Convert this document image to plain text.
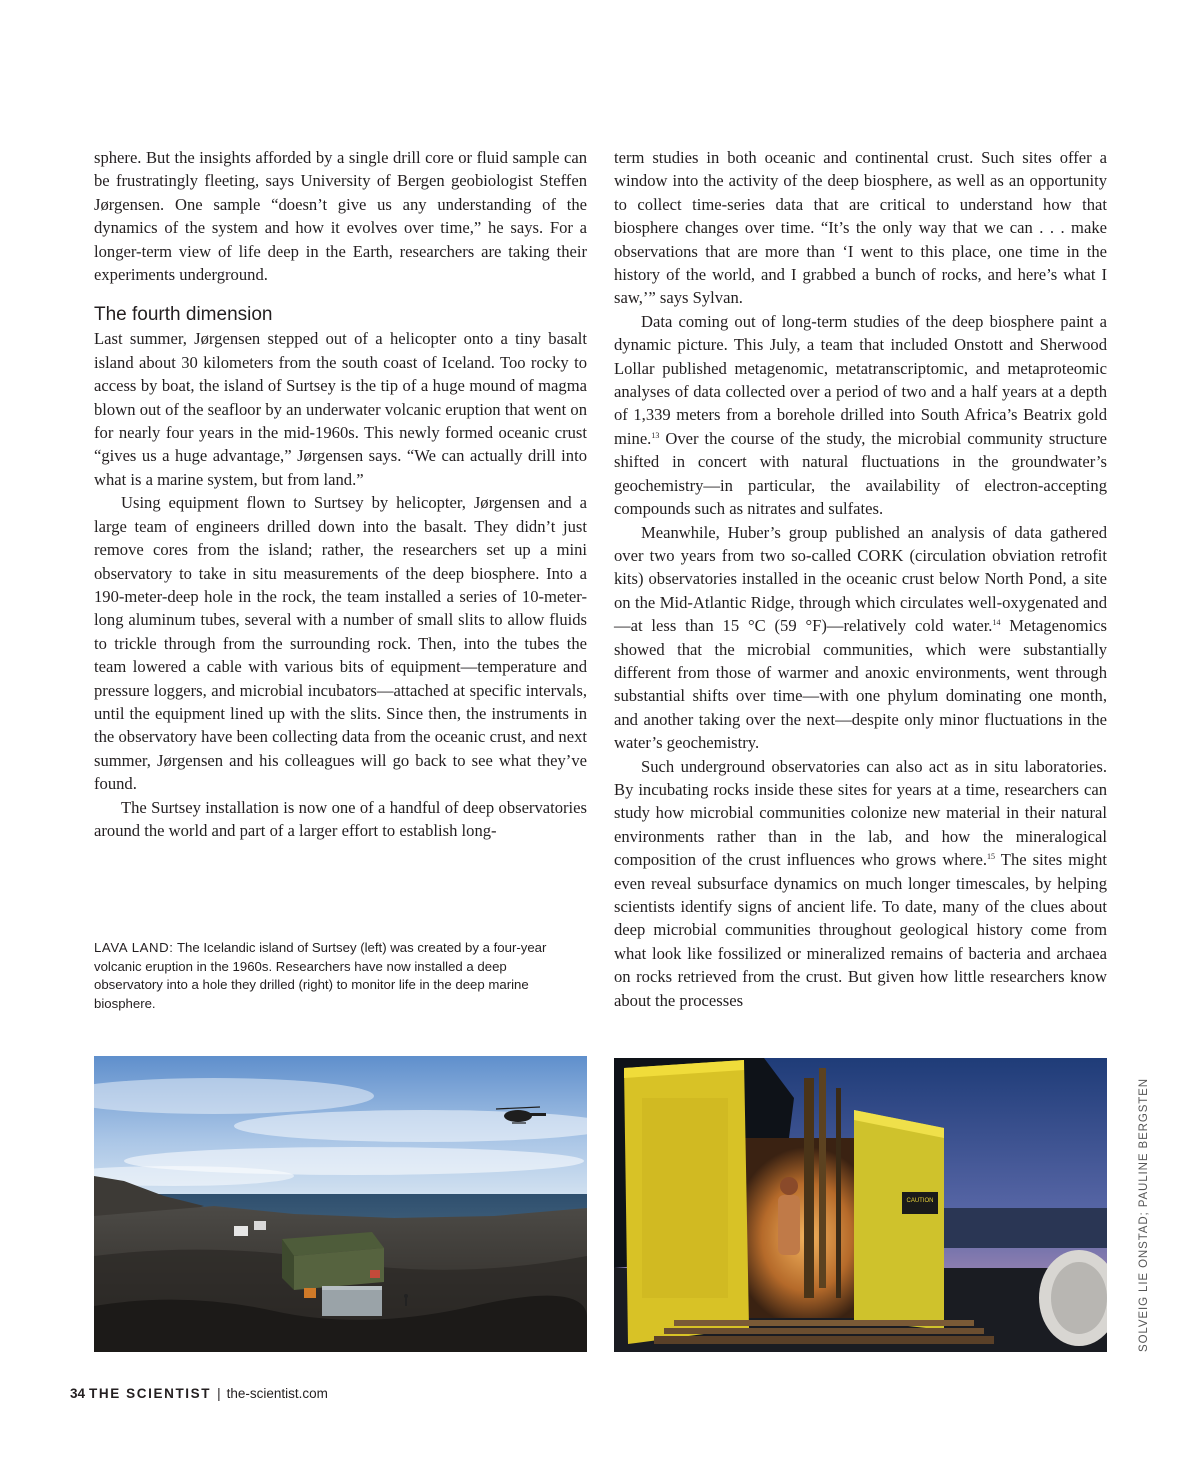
sphere. But the insights afforded by a single drill core or fluid sample can be frustratingly fleeting, says University of Bergen geobiologist Steffen Jørgensen. One sample “doesn’t give us any understanding of the dynamics of the system and how it evolves over time,” he says. For a longer-term view of life deep in the Earth, researchers are taking their experiments underground.

The fourth dimension

Last summer, Jørgensen stepped out of a helicopter onto a tiny basalt island about 30 kilometers from the south coast of Iceland. Too rocky to access by boat, the island of Surtsey is the tip of a huge mound of magma blown out of the seafloor by an underwater volcanic eruption that went on for nearly four years in the mid-1960s. This newly formed oceanic crust “gives us a huge advantage,” Jørgensen says. “We can actually drill into what is a marine system, but from land.”

Using equipment flown to Surtsey by helicopter, Jørgensen and a large team of engineers drilled down into the basalt. They didn’t just remove cores from the island; rather, the researchers set up a mini observatory to take in situ measurements of the deep biosphere. Into a 190-meter-deep hole in the rock, the team installed a series of 10-meter-long aluminum tubes, several with a number of small slits to allow fluids to trickle through from the surrounding rock. Then, into the tubes the team lowered a cable with various bits of equipment—temperature and pressure loggers, and microbial incubators—attached at specific intervals, until the equipment lined up with the slits. Since then, the instruments in the observatory have been collecting data from the oceanic crust, and next summer, Jørgensen and his colleagues will go back to see what they’ve found.

The Surtsey installation is now one of a handful of deep observatories around the world and part of a larger effort to establish long-

term studies in both oceanic and continental crust. Such sites offer a window into the activity of the deep biosphere, as well as an opportunity to collect time-series data that are critical to understand how that biosphere changes over time. “It’s the only way that we can . . . make observations that are more than ‘I went to this place, one time in the history of the world, and I grabbed a bunch of rocks, and here’s what I saw,’” says Sylvan.

Data coming out of long-term studies of the deep biosphere paint a dynamic picture. This July, a team that included Onstott and Sherwood Lollar published metagenomic, metatranscriptomic, and metaproteomic analyses of data collected over a period of two and a half years at a depth of 1,339 meters from a borehole drilled into South Africa’s Beatrix gold mine.$^{13}$ Over the course of the study, the microbial community structure shifted in concert with natural fluctuations in the groundwater’s geochemistry—in particular, the availability of electron-accepting compounds such as nitrates and sulfates.

Meanwhile, Huber’s group published an analysis of data gathered over two years from two so-called CORK (circulation obviation retrofit kits) observatories installed in the oceanic crust below North Pond, a site on the Mid-Atlantic Ridge, through which circulates well-oxygenated and—at less than 15 °C (59 °F)—relatively cold water.$^{14}$ Metagenomics showed that the microbial communities, which were substantially different from those of warmer and anoxic environments, went through substantial shifts over time—with one phylum dominating one month, and another taking over the next—despite only minor fluctuations in the water’s geochemistry.

Such underground observatories can also act as in situ laboratories. By incubating rocks inside these sites for years at a time, researchers can study how microbial communities colonize new material in their natural environments rather than in the lab, and how the mineralogical composition of the crust influences who grows where.$^{15}$ The sites might even reveal subsurface dynamics on much longer timescales, by helping scientists identify signs of ancient life. To date, many of the clues about deep microbial communities throughout geological history come from what look like fossilized or mineralized remains of bacteria and archaea on rocks retrieved from the crust. But given how little researchers know about the processes

LAVA LAND: The Icelandic island of Surtsey (left) was created by a four-year volcanic eruption in the 1960s. Researchers have now installed a deep observatory into a hole they drilled (right) to monitor life in the deep marine biosphere.
CAUTION	SOLVEIG LIE ONSTAD; PAULINE BERGSTEN
34 THE SCIENTIST | the-scientist.com
